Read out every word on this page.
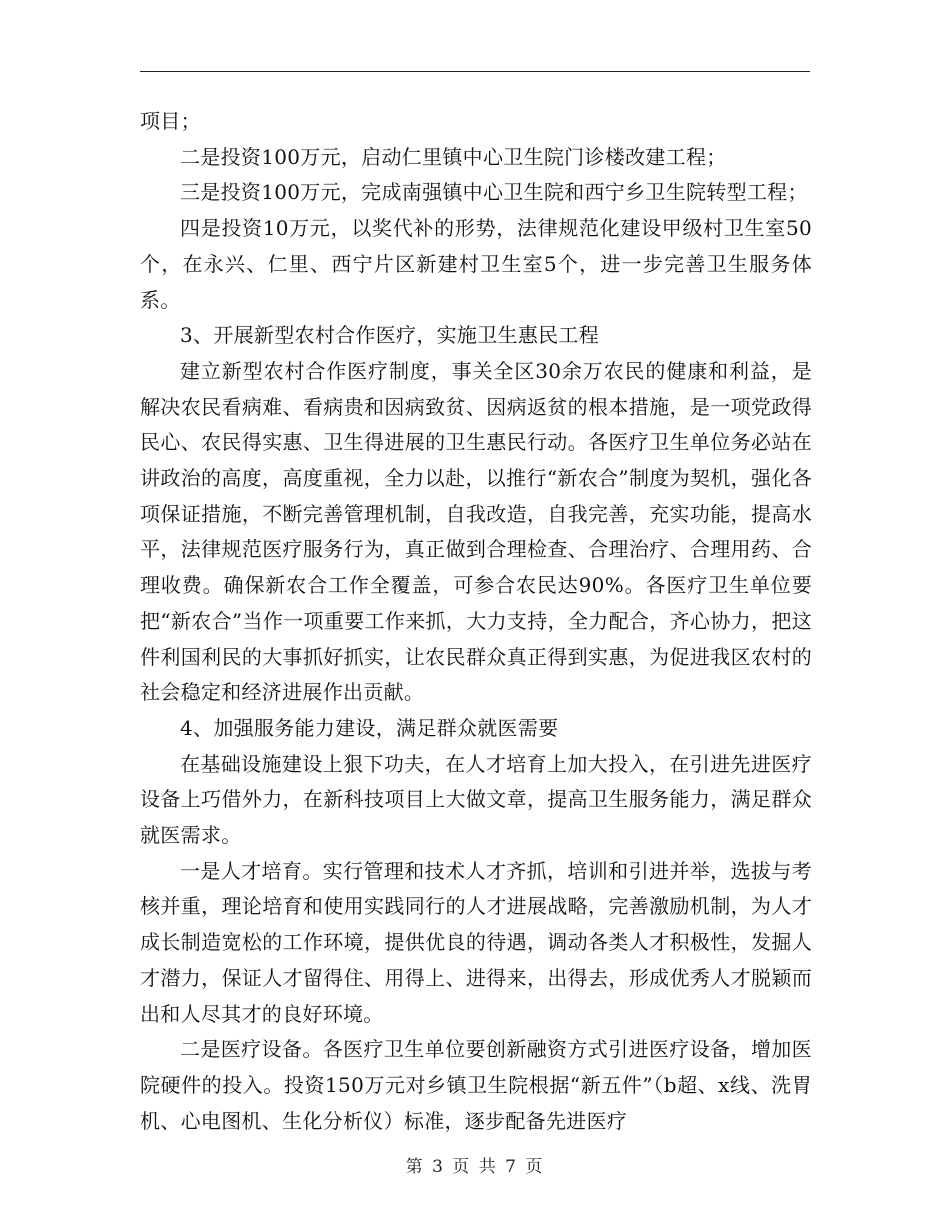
项目；

二是投资100万元，启动仁里镇中心卫生院门诊楼改建工程；

三是投资100万元，完成南强镇中心卫生院和西宁乡卫生院转型工程；

四是投资10万元，以奖代补的形势，法律规范化建设甲级村卫生室50个，在永兴、仁里、西宁片区新建村卫生室5个，进一步完善卫生服务体系。

3、开展新型农村合作医疗，实施卫生惠民工程

建立新型农村合作医疗制度，事关全区30余万农民的健康和利益，是解决农民看病难、看病贵和因病致贫、因病返贫的根本措施，是一项党政得民心、农民得实惠、卫生得进展的卫生惠民行动。各医疗卫生单位务必站在讲政治的高度，高度重视，全力以赴，以推行“新农合”制度为契机，强化各项保证措施，不断完善管理机制，自我改造，自我完善，充实功能，提高水平，法律规范医疗服务行为，真正做到合理检查、合理治疗、合理用药、合理收费。确保新农合工作全覆盖，可参合农民达90%。各医疗卫生单位要把“新农合”当作一项重要工作来抓，大力支持，全力配合，齐心协力，把这件利国利民的大事抓好抓实，让农民群众真正得到实惠，为促进我区农村的社会稳定和经济进展作出贡献。

4、加强服务能力建设，满足群众就医需要

在基础设施建设上狠下功夫，在人才培育上加大投入，在引进先进医疗设备上巧借外力，在新科技项目上大做文章，提高卫生服务能力，满足群众就医需求。

一是人才培育。实行管理和技术人才齐抓，培训和引进并举，选拔与考核并重，理论培育和使用实践同行的人才进展战略，完善激励机制，为人才成长制造宽松的工作环境，提供优良的待遇，调动各类人才积极性，发掘人才潜力，保证人才留得住、用得上、进得来，出得去，形成优秀人才脱颖而出和人尽其才的良好环境。

二是医疗设备。各医疗卫生单位要创新融资方式引进医疗设备，增加医院硬件的投入。投资150万元对乡镇卫生院根据“新五件”（b超、x线、洗胃机、心电图机、生化分析仪）标准，逐步配备先进医疗

第 3 页 共 7 页
